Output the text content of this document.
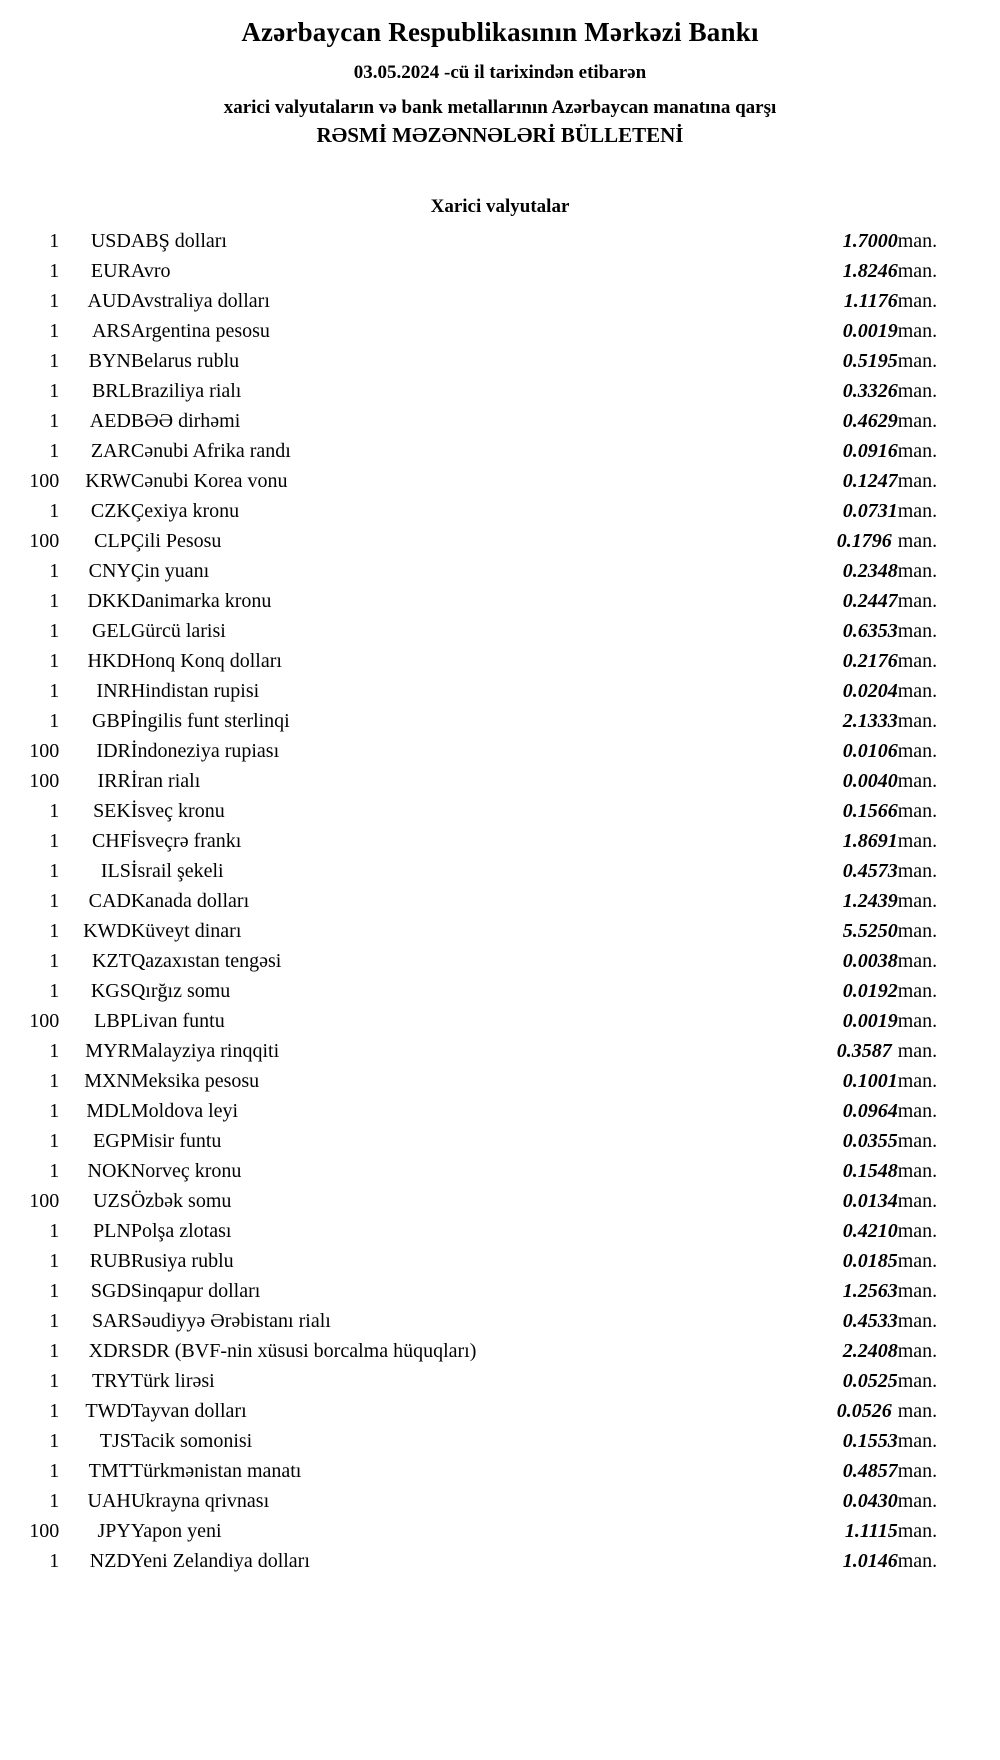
Azərbaycan Respublikasının Mərkəzi Bankı
03.05.2024 -cü il tarixindən etibarən
xarici valyutaların və bank metallarının Azərbaycan manatına qarşı
RƏSMİ MƏZƏNNƏLƏRİ BÜLLETENİ
Xarici valyutalar
1	USD	ABŞ dolları	1.7000	man.
1	EUR	Avro	1.8246	man.
1	AUD	Avstraliya dolları	1.1176	man.
1	ARS	Argentina pesosu	0.0019	man.
1	BYN	Belarus rublu	0.5195	man.
1	BRL	Braziliya rialı	0.3326	man.
1	AED	BƏƏ dirhəmi	0.4629	man.
1	ZAR	Cənubi Afrika randı	0.0916	man.
100	KRW	Cənubi Korea vonu	0.1247	man.
1	CZK	Çexiya kronu	0.0731	man.
100	CLP	Çili Pesosu	0.1796	man.
1	CNY	Çin yuanı	0.2348	man.
1	DKK	Danimarka kronu	0.2447	man.
1	GEL	Gürcü larisi	0.6353	man.
1	HKD	Honq Konq dolları	0.2176	man.
1	INR	Hindistan rupisi	0.0204	man.
1	GBP	İngilis funt sterlinqi	2.1333	man.
100	IDR	İndoneziya rupiası	0.0106	man.
100	IRR	İran rialı	0.0040	man.
1	SEK	İsveç kronu	0.1566	man.
1	CHF	İsveçrə frankı	1.8691	man.
1	ILS	İsrail şekeli	0.4573	man.
1	CAD	Kanada dolları	1.2439	man.
1	KWD	Küveyt dinarı	5.5250	man.
1	KZT	Qazaxıstan tengəsi	0.0038	man.
1	KGS	Qırğız somu	0.0192	man.
100	LBP	Livan funtu	0.0019	man.
1	MYR	Malayziya rinqqiti	0.3587	man.
1	MXN	Meksika pesosu	0.1001	man.
1	MDL	Moldova leyi	0.0964	man.
1	EGP	Misir funtu	0.0355	man.
1	NOK	Norveç kronu	0.1548	man.
100	UZS	Özbək somu	0.0134	man.
1	PLN	Polşa zlotası	0.4210	man.
1	RUB	Rusiya rublu	0.0185	man.
1	SGD	Sinqapur dolları	1.2563	man.
1	SAR	Səudiyyə Ərəbistanı rialı	0.4533	man.
1	XDR	SDR (BVF-nin xüsusi borcalma hüquqları)	2.2408	man.
1	TRY	Türk lirəsi	0.0525	man.
1	TWD	Tayvan dolları	0.0526	man.
1	TJS	Tacik somonisi	0.1553	man.
1	TMT	Türkmənistan manatı	0.4857	man.
1	UAH	Ukrayna qrivnası	0.0430	man.
100	JPY	Yapon yeni	1.1115	man.
1	NZD	Yeni Zelandiya dolları	1.0146	man.
